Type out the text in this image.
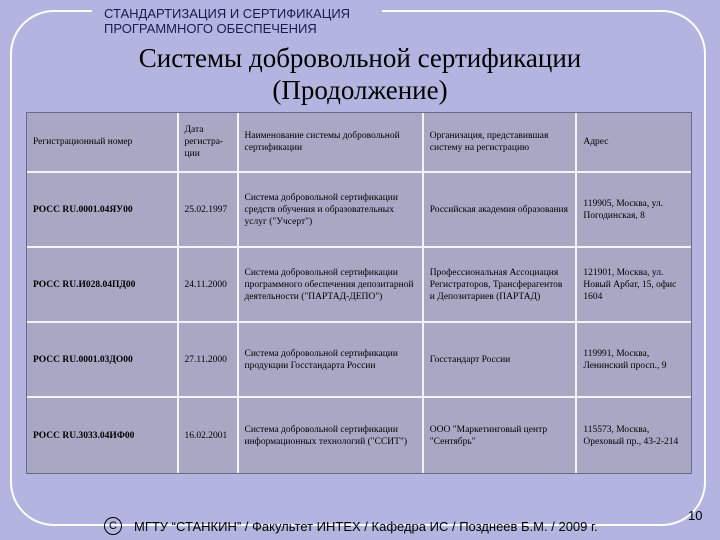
СТАНДАРТИЗАЦИЯ И СЕРТИФИКАЦИЯ
ПРОГРАММНОГО ОБЕСПЕЧЕНИЯ
Системы добровольной сертификации
(Продолжение)
Регистрационный номер	Дата регистра-ции	Наименование системы добровольной сертификации	Организация, представившая систему на регистрацию	Адрес
РОСС RU.0001.04ЯУ00	25.02.1997	Система добровольной сертификации средств обучения и образовательных услуг ("Учсерт")	Российская академия образования	119905, Москва, ул. Погодинская, 8
РОСС RU.И028.04ПД00	24.11.2000	Система добровольной сертификации программного обеспечения депозитарной деятельности ("ПАРТАД-ДЕПО")	Профессиональная Ассоциация Регистраторов, Трансферагентов и Депозитариев (ПАРТАД)	121901, Москва, ул. Новый Арбат, 15, офис 1604
РОСС RU.0001.03ДО00	27.11.2000	Система добровольной сертификации продукции Госстандарта России	Госстандарт России	119991, Москва, Ленинский просп., 9
РОСС RU.3033.04ИФ00	16.02.2001	Система добровольной сертификации информационных технологий ("ССИТ")	ООО "Маркетинговый центр "Сентябрь"	115573, Москва, Ореховый пр., 43-2-214
С	МГТУ “СТАНКИН” / Факультет ИНТЕХ / Кафедра ИС / Позднеев Б.М. / 2009 г.
10
